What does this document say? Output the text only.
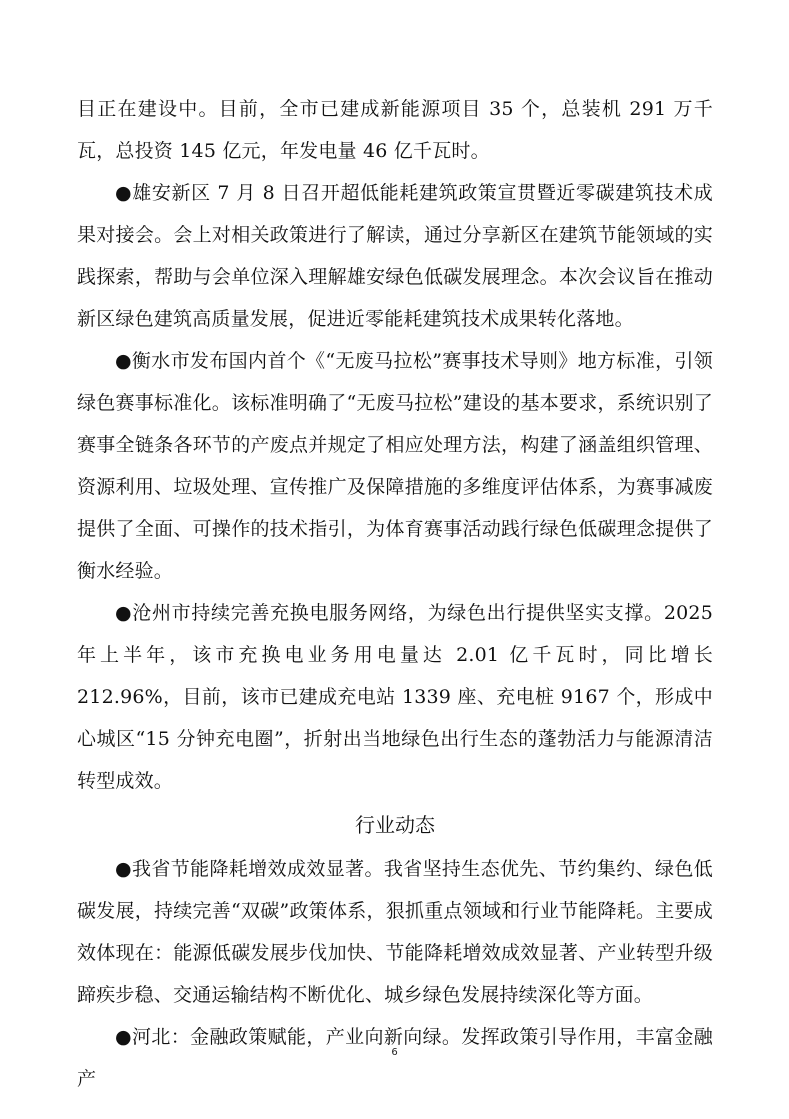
目正在建设中。目前，全市已建成新能源项目 35 个，总装机 291 万千瓦，总投资 145 亿元，年发电量 46 亿千瓦时。

●雄安新区 7 月 8 日召开超低能耗建筑政策宣贯暨近零碳建筑技术成果对接会。会上对相关政策进行了解读，通过分享新区在建筑节能领域的实践探索，帮助与会单位深入理解雄安绿色低碳发展理念。本次会议旨在推动新区绿色建筑高质量发展，促进近零能耗建筑技术成果转化落地。

●衡水市发布国内首个《“无废马拉松”赛事技术导则》地方标准，引领绿色赛事标准化。该标准明确了“无废马拉松”建设的基本要求，系统识别了赛事全链条各环节的产废点并规定了相应处理方法，构建了涵盖组织管理、资源利用、垃圾处理、宣传推广及保障措施的多维度评估体系，为赛事减废提供了全面、可操作的技术指引，为体育赛事活动践行绿色低碳理念提供了衡水经验。

●沧州市持续完善充换电服务网络，为绿色出行提供坚实支撑。2025 年上半年，该市充换电业务用电量达 2.01 亿千瓦时，同比增长 212.96%，目前，该市已建成充电站 1339 座、充电桩 9167 个，形成中心城区“15 分钟充电圈”，折射出当地绿色出行生态的蓬勃活力与能源清洁转型成效。

行业动态

●我省节能降耗增效成效显著。我省坚持生态优先、节约集约、绿色低碳发展，持续完善“双碳”政策体系，狠抓重点领域和行业节能降耗。主要成效体现在：能源低碳发展步伐加快、节能降耗增效成效显著、产业转型升级蹄疾步稳、交通运输结构不断优化、城乡绿色发展持续深化等方面。

●河北：金融政策赋能，产业向新向绿。发挥政策引导作用，丰富金融产

6
